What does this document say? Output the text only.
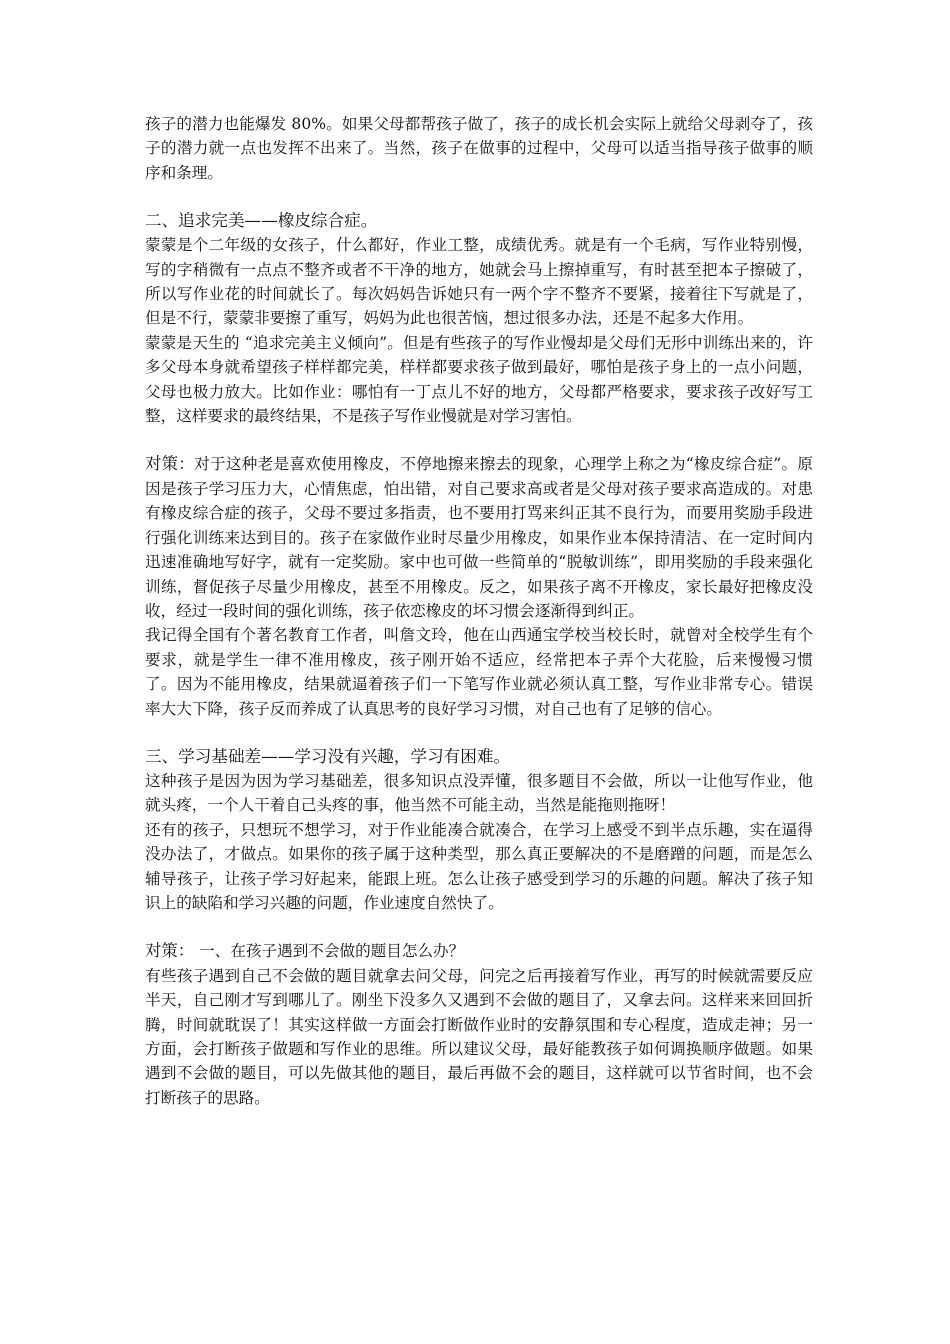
孩子的潜力也能爆发 80%。如果父母都帮孩子做了，孩子的成长机会实际上就给父母剥夺了，孩子的潜力就一点也发挥不出来了。当然，孩子在做事的过程中，父母可以适当指导孩子做事的顺序和条理。

二、追求完美——橡皮综合症。

蒙蒙是个二年级的女孩子，什么都好，作业工整，成绩优秀。就是有一个毛病，写作业特别慢，写的字稍微有一点点不整齐或者不干净的地方，她就会马上擦掉重写，有时甚至把本子擦破了，所以写作业花的时间就长了。每次妈妈告诉她只有一两个字不整齐不要紧，接着往下写就是了，但是不行，蒙蒙非要擦了重写，妈妈为此也很苦恼，想过很多办法，还是不起多大作用。

蒙蒙是天生的 “追求完美主义倾向”。但是有些孩子的写作业慢却是父母们无形中训练出来的，许多父母本身就希望孩子样样都完美，样样都要求孩子做到最好，哪怕是孩子身上的一点小问题，父母也极力放大。比如作业：哪怕有一丁点儿不好的地方，父母都严格要求，要求孩子改好写工整，这样要求的最终结果，不是孩子写作业慢就是对学习害怕。

对策：对于这种老是喜欢使用橡皮，不停地擦来擦去的现象，心理学上称之为“橡皮综合症”。原因是孩子学习压力大，心情焦虑，怕出错，对自己要求高或者是父母对孩子要求高造成的。对患有橡皮综合症的孩子，父母不要过多指责，也不要用打骂来纠正其不良行为，而要用奖励手段进行强化训练来达到目的。孩子在家做作业时尽量少用橡皮，如果作业本保持清洁、在一定时间内迅速准确地写好字，就有一定奖励。家中也可做一些简单的“脱敏训练”，即用奖励的手段来强化训练，督促孩子尽量少用橡皮，甚至不用橡皮。反之，如果孩子离不开橡皮，家长最好把橡皮没收，经过一段时间的强化训练，孩子依恋橡皮的坏习惯会逐渐得到纠正。

我记得全国有个著名教育工作者，叫詹文玲，他在山西通宝学校当校长时，就曾对全校学生有个要求，就是学生一律不准用橡皮，孩子刚开始不适应，经常把本子弄个大花脸，后来慢慢习惯了。因为不能用橡皮，结果就逼着孩子们一下笔写作业就必须认真工整，写作业非常专心。错误率大大下降，孩子反而养成了认真思考的良好学习习惯，对自己也有了足够的信心。

三、学习基础差——学习没有兴趣，学习有困难。

这种孩子是因为因为学习基础差，很多知识点没弄懂，很多题目不会做，所以一让他写作业，他就头疼，一个人干着自己头疼的事，他当然不可能主动，当然是能拖则拖呀！

还有的孩子，只想玩不想学习，对于作业能凑合就凑合，在学习上感受不到半点乐趣，实在逼得没办法了，才做点。如果你的孩子属于这种类型，那么真正要解决的不是磨蹭的问题，而是怎么辅导孩子，让孩子学习好起来，能跟上班。怎么让孩子感受到学习的乐趣的问题。解决了孩子知识上的缺陷和学习兴趣的问题，作业速度自然快了。

对策： 一、在孩子遇到不会做的题目怎么办？

有些孩子遇到自己不会做的题目就拿去问父母，问完之后再接着写作业，再写的时候就需要反应半天，自己刚才写到哪儿了。刚坐下没多久又遇到不会做的题目了，又拿去问。这样来来回回折腾，时间就耽误了！其实这样做一方面会打断做作业时的安静氛围和专心程度，造成走神；另一方面，会打断孩子做题和写作业的思维。所以建议父母，最好能教孩子如何调换顺序做题。如果遇到不会做的题目，可以先做其他的题目，最后再做不会的题目，这样就可以节省时间，也不会打断孩子的思路。
